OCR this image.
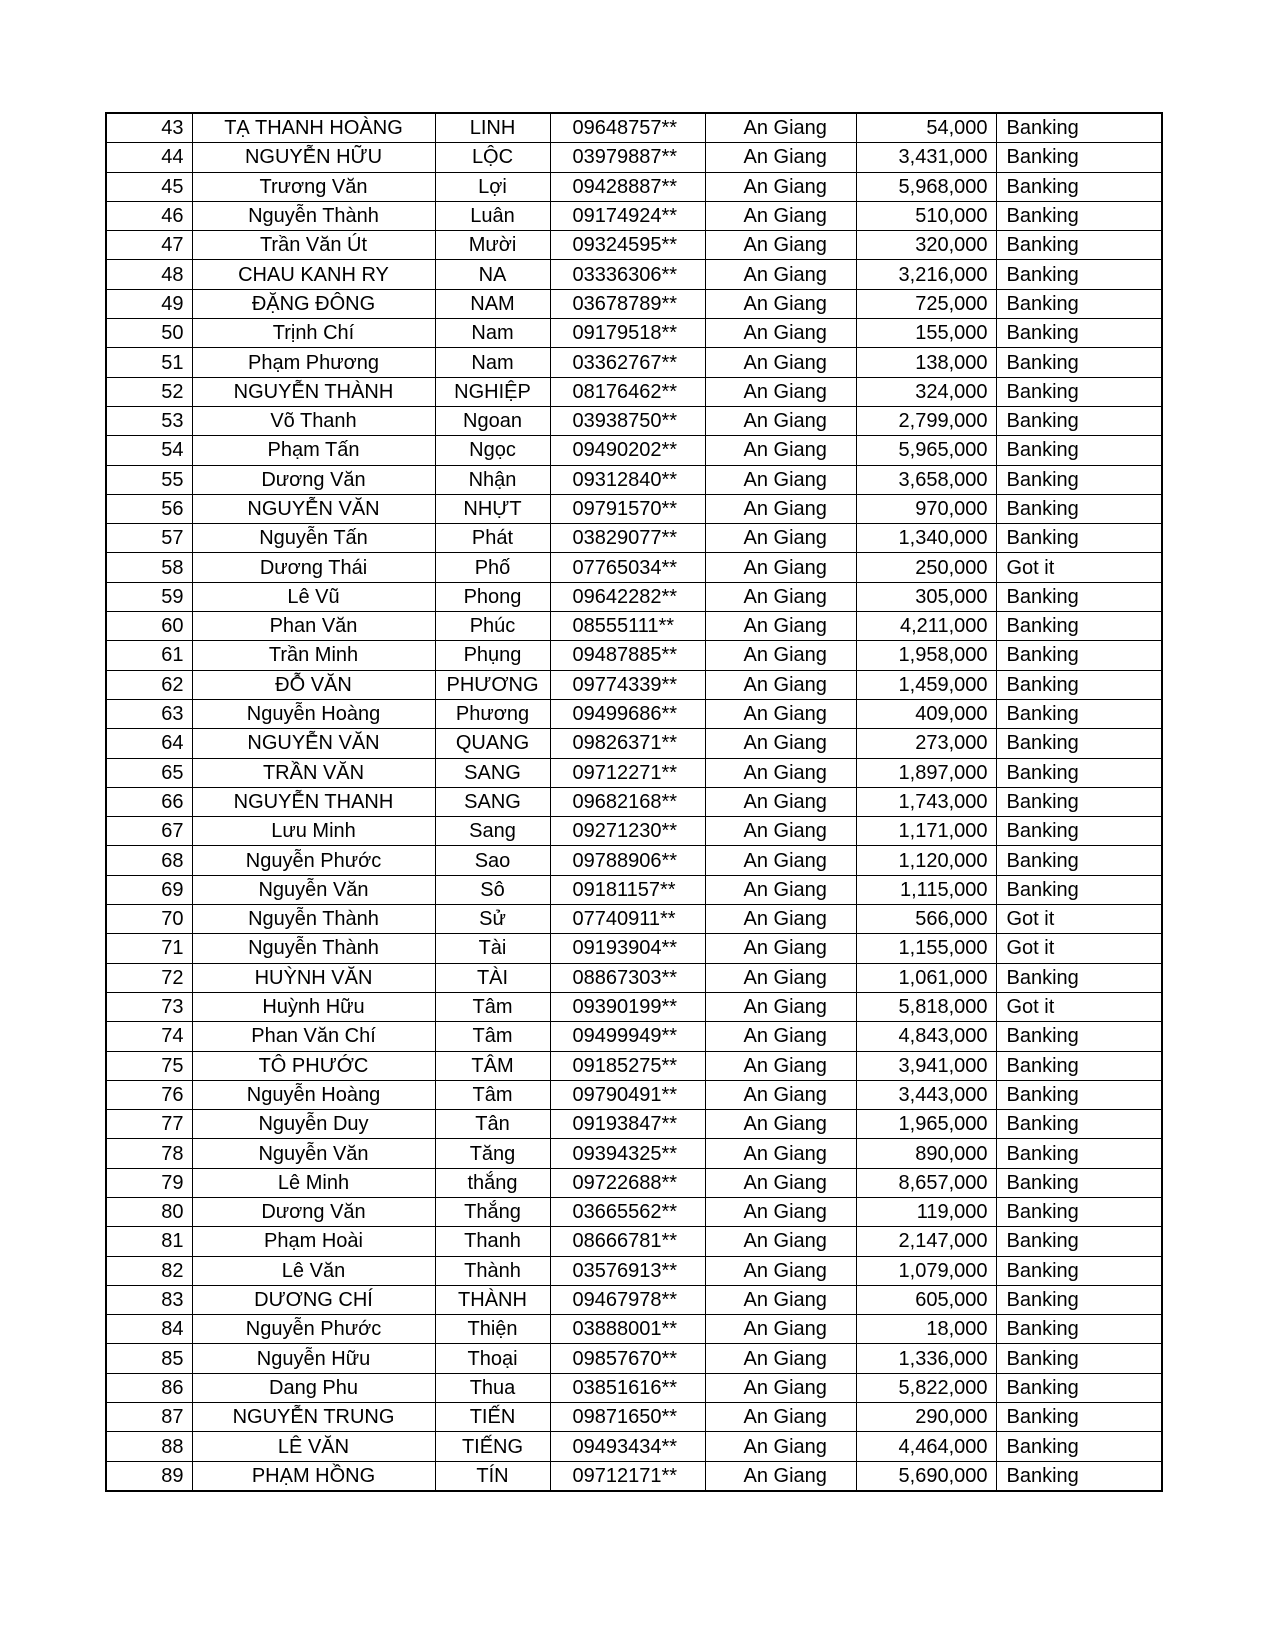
43	TẠ THANH HOÀNG	LINH	09648757**	An Giang	54,000	Banking
44	NGUYỄN HỮU	LỘC	03979887**	An Giang	3,431,000	Banking
45	Trương Văn	Lợi	09428887**	An Giang	5,968,000	Banking
46	Nguyễn Thành	Luân	09174924**	An Giang	510,000	Banking
47	Trần Văn Út	Mười	09324595**	An Giang	320,000	Banking
48	CHAU KANH RY	NA	03336306**	An Giang	3,216,000	Banking
49	ĐẶNG ĐÔNG	NAM	03678789**	An Giang	725,000	Banking
50	Trịnh Chí	Nam	09179518**	An Giang	155,000	Banking
51	Phạm Phương	Nam	03362767**	An Giang	138,000	Banking
52	NGUYỄN THÀNH	NGHIỆP	08176462**	An Giang	324,000	Banking
53	Võ Thanh	Ngoan	03938750**	An Giang	2,799,000	Banking
54	Phạm Tấn	Ngọc	09490202**	An Giang	5,965,000	Banking
55	Dương Văn	Nhận	09312840**	An Giang	3,658,000	Banking
56	NGUYỄN VĂN	NHỰT	09791570**	An Giang	970,000	Banking
57	Nguyễn Tấn	Phát	03829077**	An Giang	1,340,000	Banking
58	Dương Thái	Phố	07765034**	An Giang	250,000	Got it
59	Lê Vũ	Phong	09642282**	An Giang	305,000	Banking
60	Phan Văn	Phúc	08555111**	An Giang	4,211,000	Banking
61	Trần Minh	Phụng	09487885**	An Giang	1,958,000	Banking
62	ĐỖ VĂN	PHƯƠNG	09774339**	An Giang	1,459,000	Banking
63	Nguyễn Hoàng	Phương	09499686**	An Giang	409,000	Banking
64	NGUYỄN VĂN	QUANG	09826371**	An Giang	273,000	Banking
65	TRẦN VĂN	SANG	09712271**	An Giang	1,897,000	Banking
66	NGUYỄN THANH	SANG	09682168**	An Giang	1,743,000	Banking
67	Lưu Minh	Sang	09271230**	An Giang	1,171,000	Banking
68	Nguyễn Phước	Sao	09788906**	An Giang	1,120,000	Banking
69	Nguyễn Văn	Sô	09181157**	An Giang	1,115,000	Banking
70	Nguyễn Thành	Sử	07740911**	An Giang	566,000	Got it
71	Nguyễn Thành	Tài	09193904**	An Giang	1,155,000	Got it
72	HUỲNH VĂN	TÀI	08867303**	An Giang	1,061,000	Banking
73	Huỳnh Hữu	Tâm	09390199**	An Giang	5,818,000	Got it
74	Phan Văn Chí	Tâm	09499949**	An Giang	4,843,000	Banking
75	TÔ PHƯỚC	TÂM	09185275**	An Giang	3,941,000	Banking
76	Nguyễn Hoàng	Tâm	09790491**	An Giang	3,443,000	Banking
77	Nguyễn Duy	Tân	09193847**	An Giang	1,965,000	Banking
78	Nguyễn Văn	Tăng	09394325**	An Giang	890,000	Banking
79	Lê Minh	thắng	09722688**	An Giang	8,657,000	Banking
80	Dương Văn	Thắng	03665562**	An Giang	119,000	Banking
81	Phạm Hoài	Thanh	08666781**	An Giang	2,147,000	Banking
82	Lê Văn	Thành	03576913**	An Giang	1,079,000	Banking
83	DƯƠNG CHÍ	THÀNH	09467978**	An Giang	605,000	Banking
84	Nguyễn Phước	Thiện	03888001**	An Giang	18,000	Banking
85	Nguyễn Hữu	Thoại	09857670**	An Giang	1,336,000	Banking
86	Dang Phu	Thua	03851616**	An Giang	5,822,000	Banking
87	NGUYỄN TRUNG	TIẾN	09871650**	An Giang	290,000	Banking
88	LÊ VĂN	TIẾNG	09493434**	An Giang	4,464,000	Banking
89	PHẠM HỒNG	TÍN	09712171**	An Giang	5,690,000	Banking
